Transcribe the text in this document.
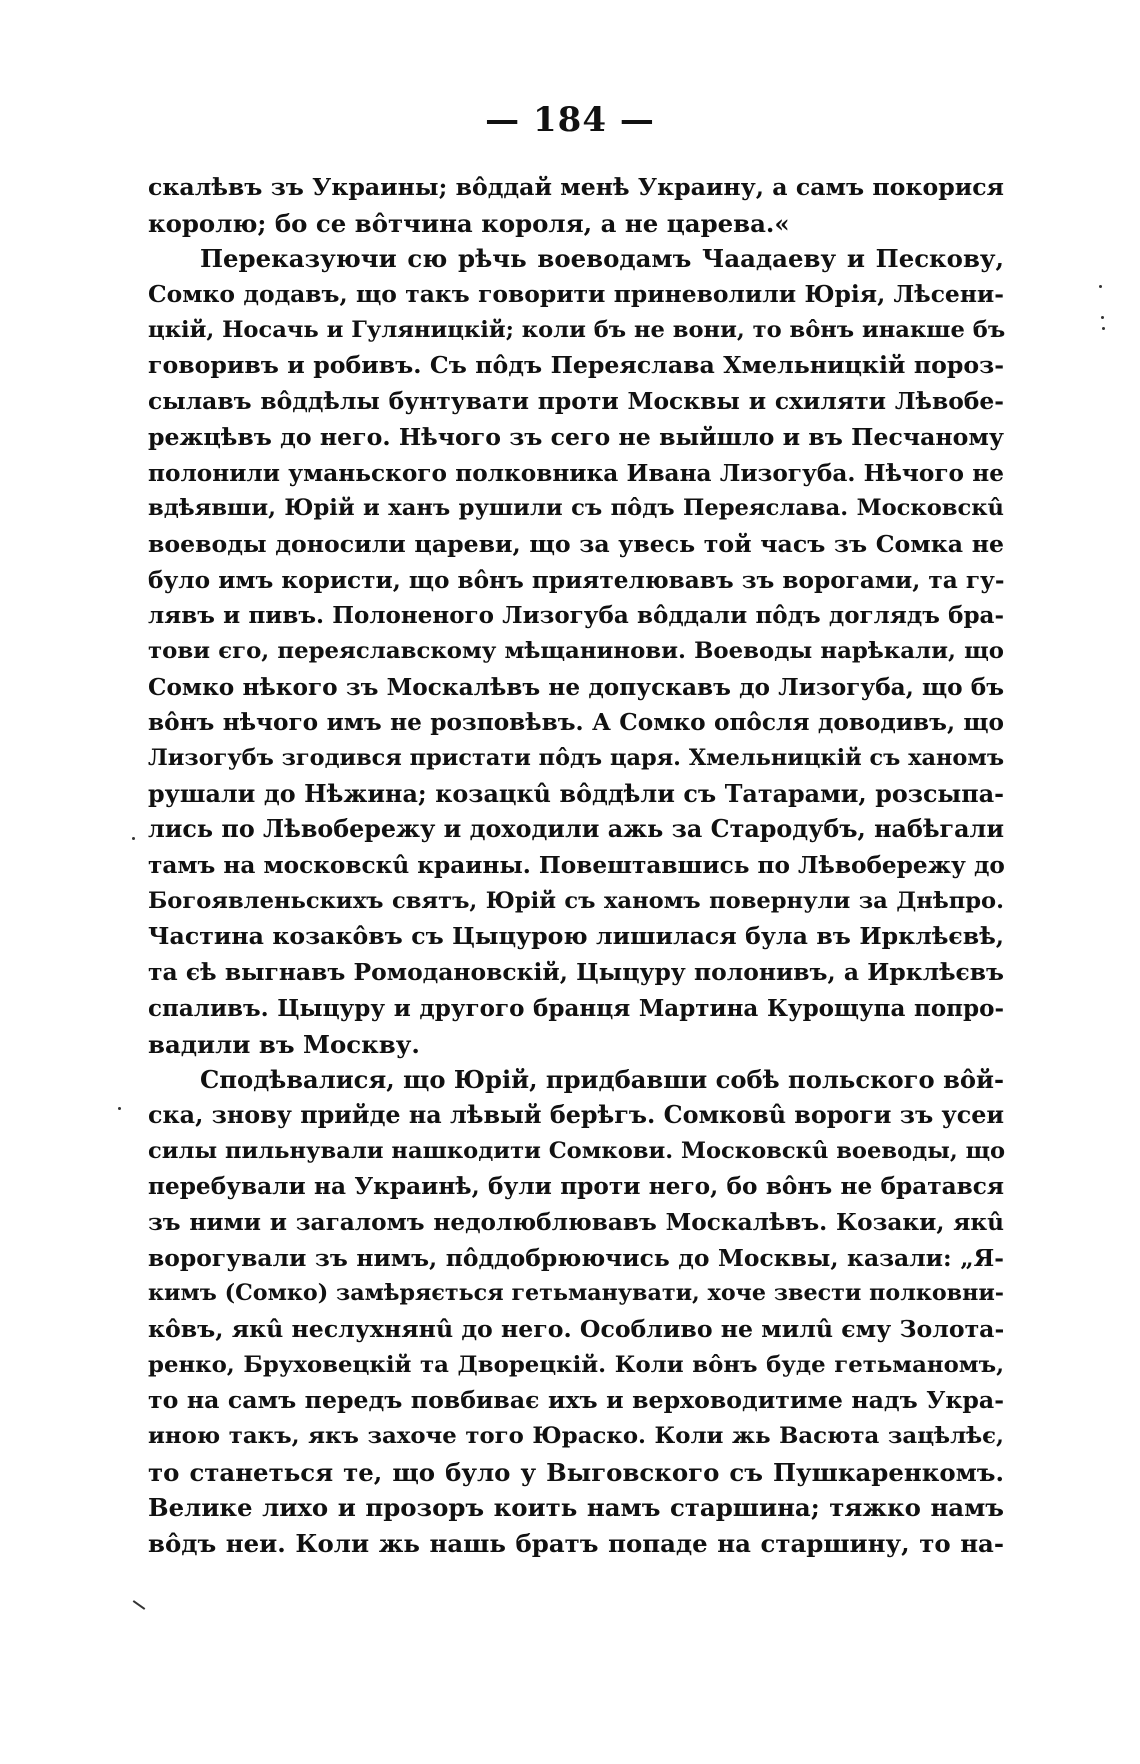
— 184 —
скалѣвъ зъ Украины; вôддай менѣ Украину, а самъ покорися
королю; бо се вôтчина короля, а не царева.«
Переказуючи сю рѣчь воеводамъ Чаадаеву и Пескову,
Сомко додавъ, що такъ говорити приневолили Юрія, Лѣсени-
цкій, Носачь и Гуляницкій; коли бъ не вони, то вôнъ инакше бъ
говоривъ и робивъ. Съ пôдъ Переяслава Хмельницкій пороз-
сылавъ вôддѣлы бунтувати проти Москвы и схиляти Лѣвобе-
режцѣвъ до него. Нѣчого зъ сего не выйшло и въ Песчаному
полонили уманьского полковника Ивана Лизогуба. Нѣчого не
вдѣявши, Юрій и ханъ рушили съ пôдъ Переяслава. Московскû
воеводы доносили цареви, що за увесь той часъ зъ Сомка не
було имъ користи, що вôнъ приятелювавъ зъ ворогами, та гу-
лявъ и пивъ. Полоненого Лизогуба вôддали пôдъ доглядъ бра-
тови єго, переяславскому мѣщанинови. Воеводы нарѣкали, що
Сомко нѣкого зъ Москалѣвъ не допускавъ до Лизогуба, що бъ
вôнъ нѣчого имъ не розповѣвъ. А Сомко опôсля доводивъ, що
Лизогубъ згодився пристати пôдъ царя. Хмельницкій съ ханомъ
рушали до Нѣжина; козацкû вôддѣли съ Татарами, розсыпа-
лись по Лѣвобережу и доходили ажь за Стародубъ, набѣгали
тамъ на московскû краины. Повештавшись по Лѣвобережу до
Богоявленьскихъ святъ, Юрій съ ханомъ повернули за Днѣпро.
Частина козакôвъ съ Цыцурою лишилася була въ Ирклѣєвѣ,
та єѣ выгнавъ Ромодановскій, Цыцуру полонивъ, а Ирклѣєвъ
спаливъ. Цыцуру и другого бранця Мартина Курощупа попро-
вадили въ Москву.
Сподѣвалися, що Юрій, придбавши собѣ польского вôй-
ска, знову прийде на лѣвый берѣгъ. Сомковû вороги зъ усеи
силы пильнували нашкодити Сомкови. Московскû воеводы, що
перебували на Украинѣ, були проти него, бо вôнъ не братався
зъ ними и загаломъ недолюблювавъ Москалѣвъ. Козаки, якû
ворогували зъ нимъ, пôддобрюючись до Москвы, казали: „Я-
кимъ (Сомко) замѣряється гетьманувати, хоче звести полковни-
кôвъ, якû неслухнянû до него. Особливо не милû єму Золота-
ренко, Бруховецкій та Дворецкій. Коли вôнъ буде гетьманомъ,
то на самъ передъ повбиває ихъ и верховодитиме надъ Укра-
иною такъ, якъ захоче того Юраско. Коли жь Васюта зацѣлѣє,
то станеться те, що було у Выговского съ Пушкаренкомъ.
Велике лихо и прозоръ коить намъ старшина; тяжко намъ
вôдъ неи. Коли жь нашь братъ попаде на старшину, то на-
